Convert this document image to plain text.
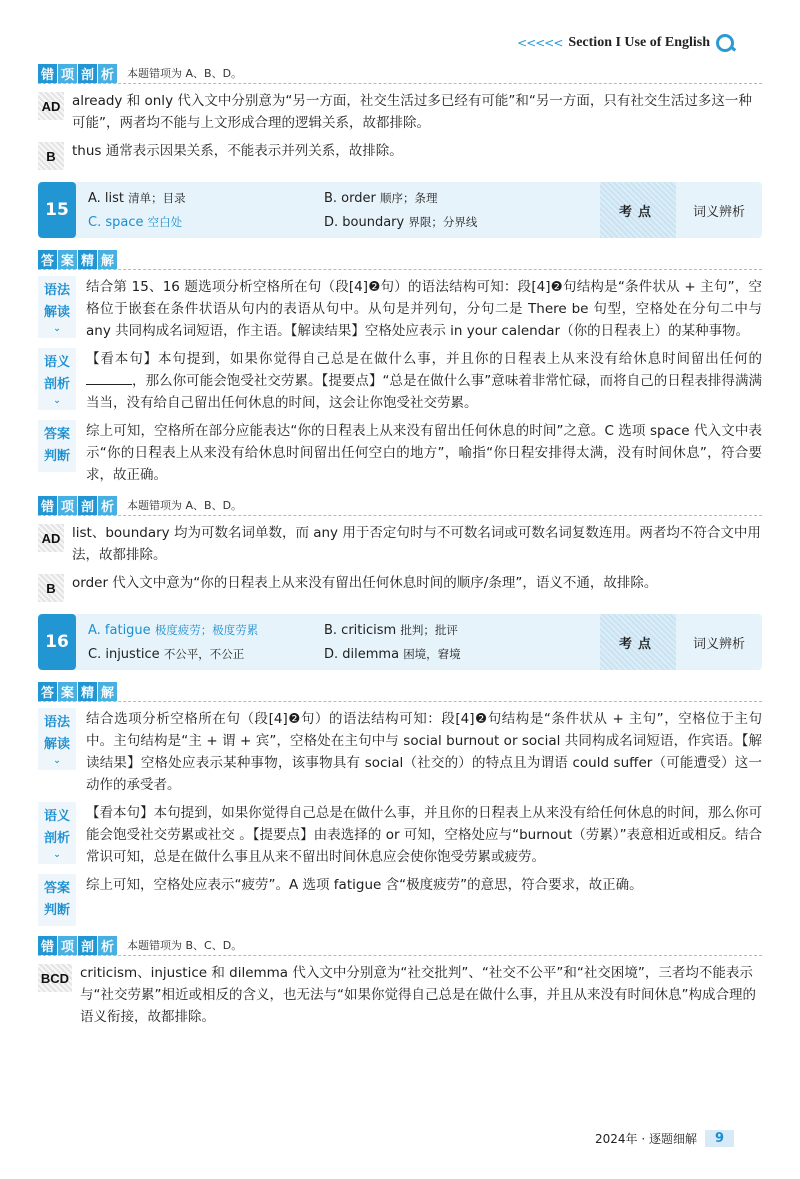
<<<<< Section I Use of English
错 项 剖 析 本题错项为 A、B、D。
AD already 和 only 代入文中分别意为“另一方面，社交生活过多已经有可能”和“另一方面，只有社交生活过多这一种可能”，两者均不能与上文形成合理的逻辑关系，故都排除。
B	thus 通常表示因果关系，不能表示并列关系，故排除。
15
A. list 清单；目录	B. order 顺序；条理
C. space 空白处	D. boundary 界限；分界线
考点	词义辨析
答 案 精 解
语法
解读
⌄
结合第 15、16 题选项分析空格所在句（段[4]❷句）的语法结构可知：段[4]❷句结构是“条件状从 + 主句”，空格位于嵌套在条件状语从句内的表语从句中。从句是并列句，分句二是 There be 句型，空格处在分句二中与 any 共同构成名词短语，作主语。【解读结果】空格处应表示 in your calendar（你的日程表上）的某种事物。
语义
剖析
⌄
【看本句】本句提到，如果你觉得自己总是在做什么事，并且你的日程表上从来没有给休息时间留出任何的，那么你可能会饱受社交劳累。【提要点】“总是在做什么事”意味着非常忙碌，而将自己的日程表排得满满当当，没有给自己留出任何休息的时间，这会让你饱受社交劳累。
答案
判断
综上可知，空格所在部分应能表达“你的日程表上从来没有留出任何休息的时间”之意。C 选项 space 代入文中表示“你的日程表上从来没有给休息时间留出任何空白的地方”，喻指“你日程安排得太满，没有时间休息”，符合要求，故正确。
错 项 剖 析 本题错项为 A、B、D。
AD list、boundary 均为可数名词单数，而 any 用于否定句时与不可数名词或可数名词复数连用。两者均不符合文中用法，故都排除。
B	order 代入文中意为“你的日程表上从来没有留出任何休息时间的顺序/条理”，语义不通，故排除。
16
A. fatigue 极度疲劳；极度劳累	B. criticism 批判；批评
C. injustice 不公平，不公正	D. dilemma 困境，窘境
考点	词义辨析
答 案 精 解
语法
解读
⌄
结合选项分析空格所在句（段[4]❷句）的语法结构可知：段[4]❷句结构是“条件状从 + 主句”，空格位于主句中。主句结构是“主 + 谓 + 宾”，空格处在主句中与 social burnout or social 共同构成名词短语，作宾语。【解读结果】空格处应表示某种事物，该事物具有 social（社交的）的特点且为谓语 could suffer（可能遭受）这一动作的承受者。
语义
剖析
⌄
【看本句】本句提到，如果你觉得自己总是在做什么事，并且你的日程表上从来没有给任何休息的时间，那么你可能会饱受社交劳累或社交 。【提要点】由表选择的 or 可知，空格处应与“burnout（劳累）”表意相近或相反。结合常识可知，总是在做什么事且从来不留出时间休息应会使你饱受劳累或疲劳。
答案
判断
综上可知，空格处应表示“疲劳”。A 选项 fatigue 含“极度疲劳”的意思，符合要求，故正确。
错 项 剖 析 本题错项为 B、C、D。
BCD criticism、injustice 和 dilemma 代入文中分别意为“社交批判”、“社交不公平”和“社交困境”，三者均不能表示与“社交劳累”相近或相反的含义，也无法与“如果你觉得自己总是在做什么事，并且从来没有时间休息”构成合理的语义衔接，故都排除。
2024年 · 逐题细解	9
